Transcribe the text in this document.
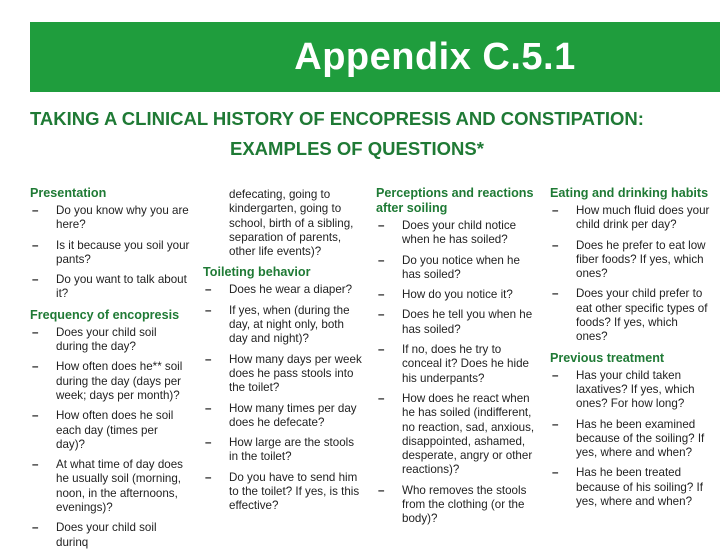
Appendix C.5.1

TAKING A CLINICAL HISTORY OF ENCOPRESIS AND CONSTIPATION:
EXAMPLES OF QUESTIONS*

Presentation

– Do you know why you are here?

– Is it because you soil your pants?

– Do you want to talk about it?

Frequency of encopresis

– Does your child soil during the day?

– How often does he** soil during the day (days per week; days per month)?

– How often does he soil each day (times per day)?

– At what time of day does he usually soil (morning, noon, in the afternoons, evenings)?

– Does your child soil durinq

defecating, going to kindergarten, going to school, birth of a sibling, separation of parents, other life events)?

Toileting behavior

– Does he wear a diaper?

– If yes, when (during the day, at night only, both day and night)?

– How many days per week does he pass stools into the toilet?

– How many times per day does he defecate?

– How large are the stools in the toilet?

– Do you have to send him to the toilet? If yes, is this effective?

Perceptions and reactions after soiling

– Does your child notice when he has soiled?

– Do you notice when he has soiled?

– How do you notice it?

– Does he tell you when he has soiled?

– If no, does he try to conceal it? Does he hide his underpants?

– How does he react when he has soiled (indifferent, no reaction, sad, anxious, disappointed, ashamed, desperate, angry or other reactions)?

– Who removes the stools from the clothing (or the body)?

Eating and drinking habits

– How much fluid does your child drink per day?

– Does he prefer to eat low fiber foods? If yes, which ones?

– Does your child prefer to eat other specific types of foods? If yes, which ones?

Previous treatment

– Has your child taken laxatives? If yes, which ones? For how long?

– Has he been examined because of the soiling? If yes, where and when?

– Has he been treated because of his soiling? If yes, where and when?
